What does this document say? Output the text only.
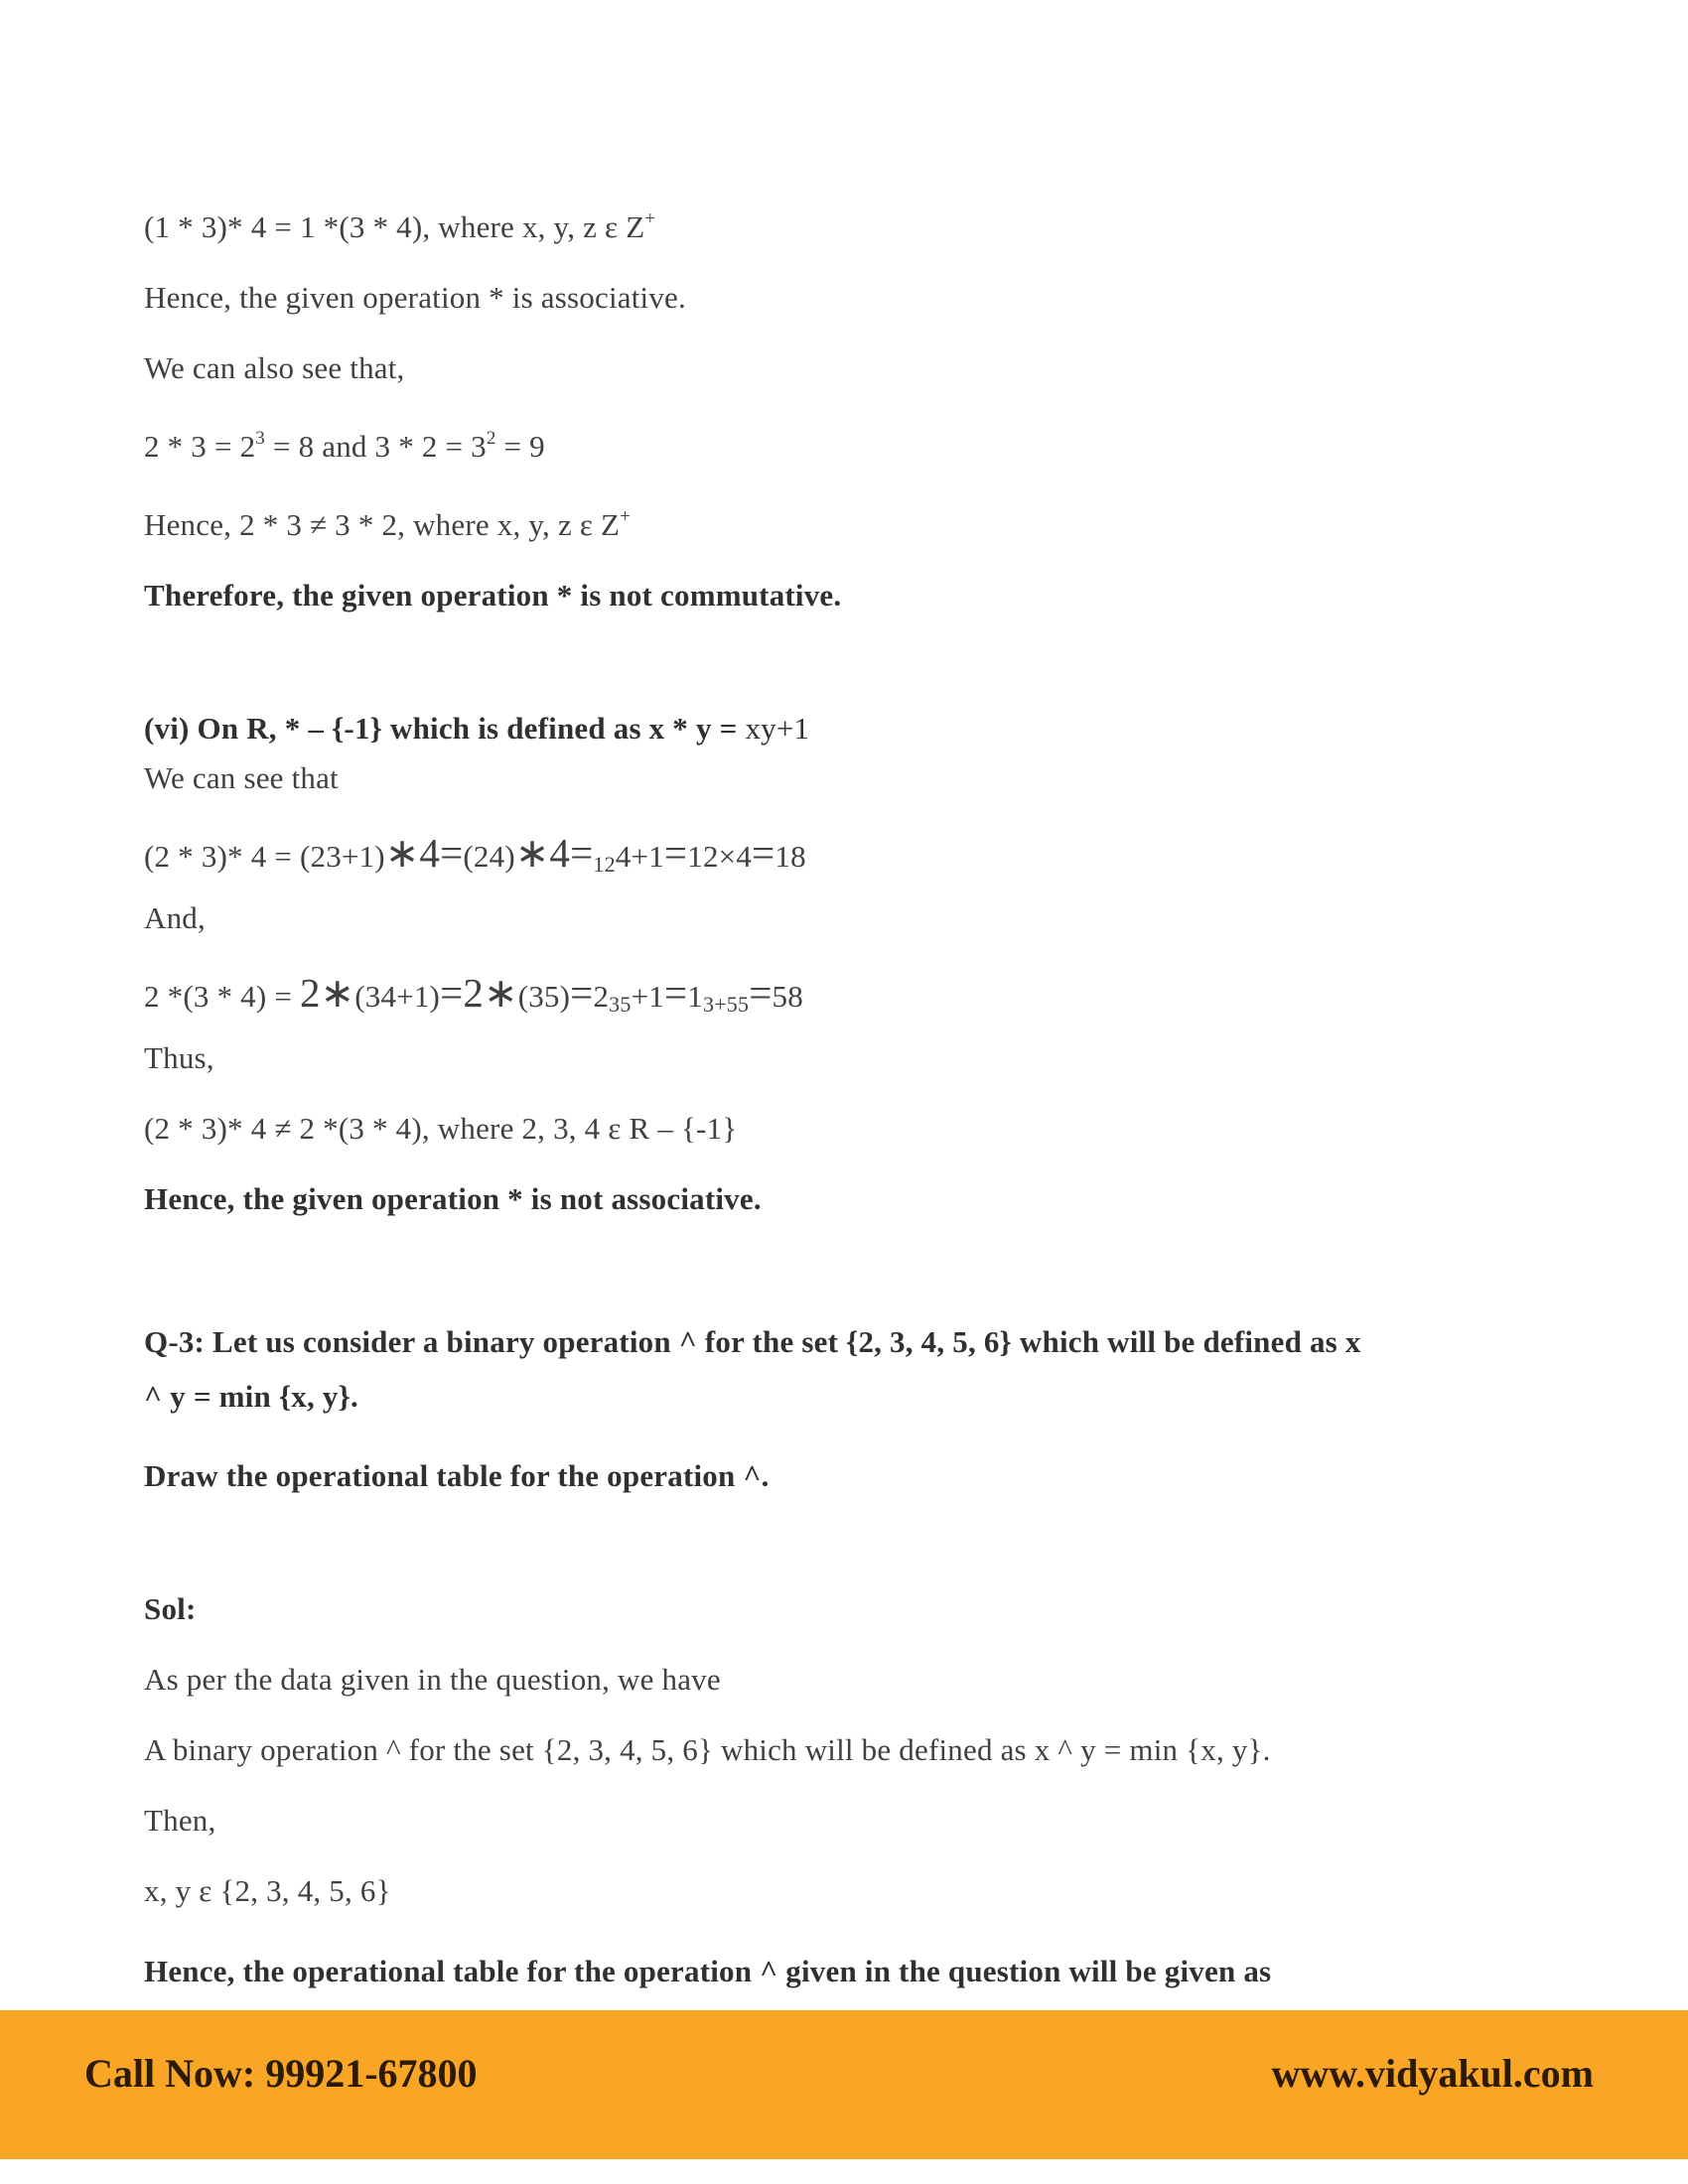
(1 * 3)* 4 = 1 *(3 * 4), where x, y, z ε Z+

Hence, the given operation * is associative.

We can also see that,

$2 * 3 = 2^3 = 8$ and $3 * 2 = 3^2 = 9$

Hence, 2 * 3 ≠ 3 * 2, where x, y, z ε Z+

Therefore, the given operation * is not commutative.

(vi) On R, * – {-1} which is defined as x * y = xy+1

We can see that

(2 * 3)* 4 = (23+1)∗4=(24)∗4=124+1=12×4=18

And,

2 *(3 * 4) = 2∗(34+1)=2∗(35)=235+1=13+55=58

Thus,

(2 * 3)* 4 ≠ 2 *(3 * 4), where 2, 3, 4 ε R – {-1}

Hence, the given operation * is not associative.

Q-3: Let us consider a binary operation ^ for the set {2, 3, 4, 5, 6} which will be defined as x
^ y = min {x, y}.

Draw the operational table for the operation ^.

Sol:

As per the data given in the question, we have

A binary operation ^ for the set {2, 3, 4, 5, 6} which will be defined as x ^ y = min {x, y}.

Then,

x, y ε {2, 3, 4, 5, 6}

Hence, the operational table for the operation ^ given in the question will be given as

Call Now: 99921-67800	www.vidyakul.com
